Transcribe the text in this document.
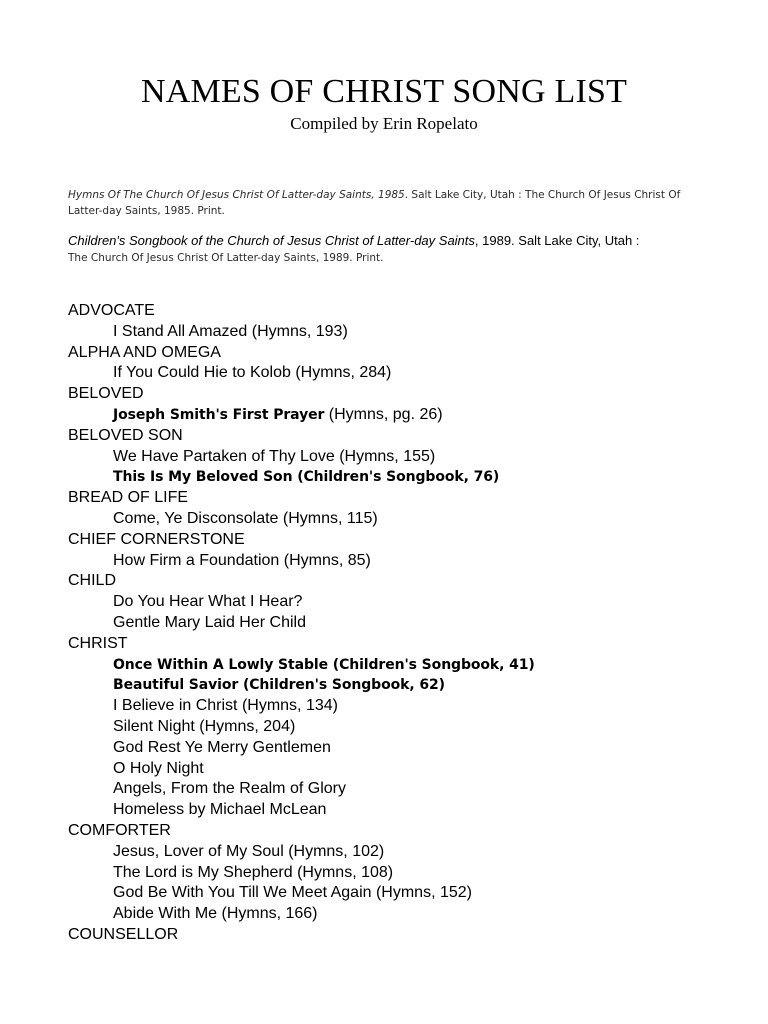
NAMES OF CHRIST SONG LIST
Compiled by Erin Ropelato
Hymns Of The Church Of Jesus Christ Of Latter-day Saints, 1985. Salt Lake City, Utah : The Church Of Jesus Christ Of Latter-day Saints, 1985. Print.
Children's Songbook of the Church of Jesus Christ of Latter-day Saints, 1989. Salt Lake City, Utah :
The Church Of Jesus Christ Of Latter-day Saints, 1989. Print.
ADVOCATE
I Stand All Amazed (Hymns, 193)
ALPHA AND OMEGA
If You Could Hie to Kolob (Hymns, 284)
BELOVED
Joseph Smith's First Prayer (Hymns, pg. 26)
BELOVED SON
We Have Partaken of Thy Love (Hymns, 155)
This Is My Beloved Son (Children's Songbook, 76)
BREAD OF LIFE
Come, Ye Disconsolate (Hymns, 115)
CHIEF CORNERSTONE
How Firm a Foundation (Hymns, 85)
CHILD
Do You Hear What I Hear?
Gentle Mary Laid Her Child
CHRIST
Once Within A Lowly Stable (Children's Songbook, 41)
Beautiful Savior (Children's Songbook, 62)
I Believe in Christ (Hymns, 134)
Silent Night (Hymns, 204)
God Rest Ye Merry Gentlemen
O Holy Night
Angels, From the Realm of Glory
Homeless by Michael McLean
COMFORTER
Jesus, Lover of My Soul (Hymns, 102)
The Lord is My Shepherd (Hymns, 108)
God Be With You Till We Meet Again (Hymns, 152)
Abide With Me (Hymns, 166)
COUNSELLOR
